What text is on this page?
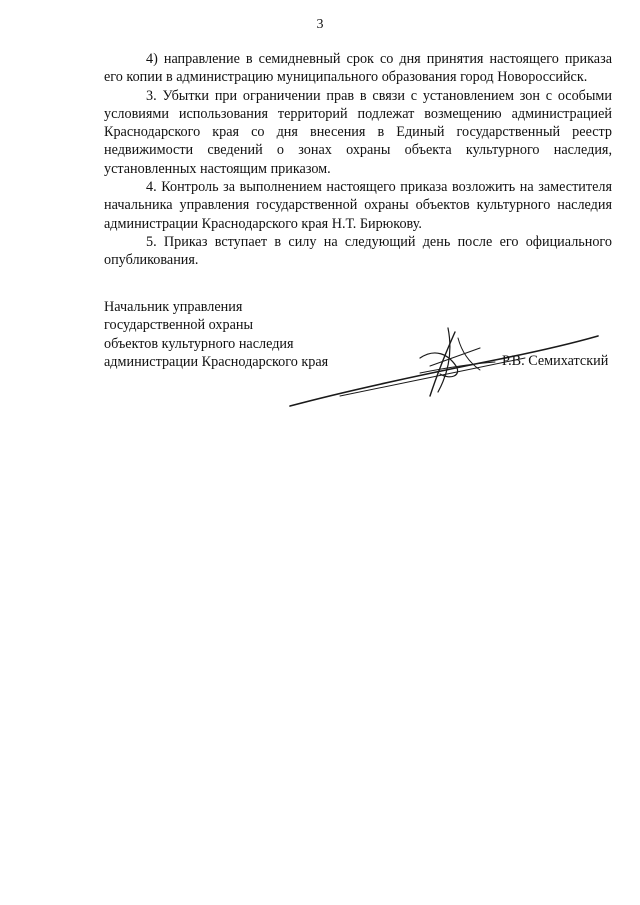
3

4) направление в семидневный срок со дня принятия настоящего приказа его копии в администрацию муниципального образования город Новороссийск.

3. Убытки при ограничении прав в связи с установлением зон с особыми условиями использования территорий подлежат возмещению администрацией Краснодарского края со дня внесения в Единый государственный реестр недвижимости сведений о зонах охраны объекта культурного наследия, установленных настоящим приказом.

4. Контроль за выполнением настоящего приказа возложить на заместителя начальника управления государственной охраны объектов культурного наследия администрации Краснодарского края Н.Т. Бирюкову.

5. Приказ вступает в силу на следующий день после его официального опубликования.

Начальник управления
государственной охраны
объектов культурного наследия
администрации Краснодарского края	Р.В. Семихатский
